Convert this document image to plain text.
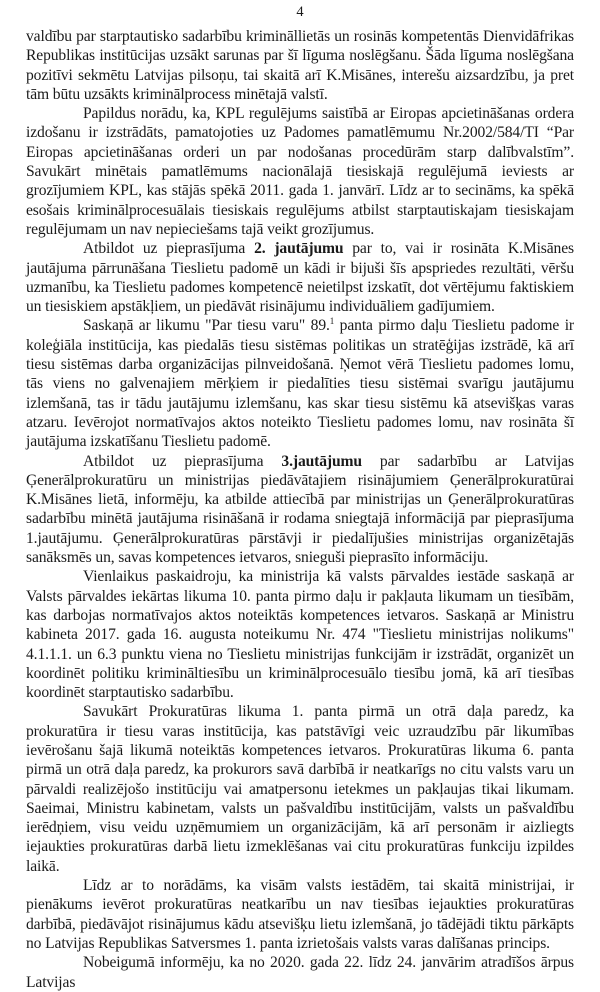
4

valdību par starptautisko sadarbību krimināllietās un rosinās kompetentās Dienvidāfrikas Republikas institūcijas uzsākt sarunas par šī līguma noslēgšanu. Šāda līguma noslēgšana pozitīvi sekmētu Latvijas pilsoņu, tai skaitā arī K.Misānes, interešu aizsardzību, ja pret tām būtu uzsākts kriminālprocess minētajā valstī.

Papildus norādu, ka, KPL regulējums saistībā ar Eiropas apcietināšanas ordera izdošanu ir izstrādāts, pamatojoties uz Padomes pamatlēmumu Nr.2002/584/TI “Par Eiropas apcietināšanas orderi un par nodošanas procedūrām starp dalībvalstīm”. Savukārt minētais pamatlēmums nacionālajā tiesiskajā regulējumā ieviests ar grozījumiem KPL, kas stājās spēkā 2011. gada 1. janvārī. Līdz ar to secināms, ka spēkā esošais kriminālprocesuālais tiesiskais regulējums atbilst starptautiskajam tiesiskajam regulējumam un nav nepieciešams tajā veikt grozījumus.

Atbildot uz pieprasījuma 2. jautājumu par to, vai ir rosināta K.Misānes jautājuma pārrunāšana Tieslietu padomē un kādi ir bijuši šīs apspriedes rezultāti, vēršu uzmanību, ka Tieslietu padomes kompetencē neietilpst izskatīt, dot vērtējumu faktiskiem un tiesiskiem apstākļiem, un piedāvāt risinājumu individuāliem gadījumiem.

Saskaņā ar likumu "Par tiesu varu" 89.$^1$ panta pirmo daļu Tieslietu padome ir koleģiāla institūcija, kas piedalās tiesu sistēmas politikas un stratēģijas izstrādē, kā arī tiesu sistēmas darba organizācijas pilnveidošanā. Ņemot vērā Tieslietu padomes lomu, tās viens no galvenajiem mērķiem ir piedalīties tiesu sistēmai svarīgu jautājumu izlemšanā, tas ir tādu jautājumu izlemšanu, kas skar tiesu sistēmu kā atsevišķas varas atzaru. Ievērojot normatīvajos aktos noteikto Tieslietu padomes lomu, nav rosināta šī jautājuma izskatīšanu Tieslietu padomē.

Atbildot uz pieprasījuma 3.jautājumu par sadarbību ar Latvijas Ģenerālprokuratūru un ministrijas piedāvātajiem risinājumiem Ģenerālprokuratūrai K.Misānes lietā, informēju, ka atbilde attiecībā par ministrijas un Ģenerālprokuratūras sadarbību minētā jautājuma risināšanā ir rodama sniegtajā informācijā par pieprasījuma 1.jautājumu. Ģenerālprokuratūras pārstāvji ir piedalījušies ministrijas organizētajās sanāksmēs un, savas kompetences ietvaros, snieguši pieprasīto informāciju.

Vienlaikus paskaidroju, ka ministrija kā valsts pārvaldes iestāde saskaņā ar Valsts pārvaldes iekārtas likuma 10. panta pirmo daļu ir pakļauta likumam un tiesībām, kas darbojas normatīvajos aktos noteiktās kompetences ietvaros. Saskaņā ar Ministru kabineta 2017. gada 16. augusta noteikumu Nr. 474 "Tieslietu ministrijas nolikums" 4.1.1.1. un 6.3 punktu viena no Tieslietu ministrijas funkcijām ir izstrādāt, organizēt un koordinēt politiku krimināltiesību un kriminālprocesuālo tiesību jomā, kā arī tiesības koordinēt starptautisko sadarbību.

Savukārt Prokuratūras likuma 1. panta pirmā un otrā daļa paredz, ka prokuratūra ir tiesu varas institūcija, kas patstāvīgi veic uzraudzību pār likumības ievērošanu šajā likumā noteiktās kompetences ietvaros. Prokuratūras likuma 6. panta pirmā un otrā daļa paredz, ka prokurors savā darbībā ir neatkarīgs no citu valsts varu un pārvaldi realizējošo institūciju vai amatpersonu ietekmes un pakļaujas tikai likumam. Saeimai, Ministru kabinetam, valsts un pašvaldību institūcijām, valsts un pašvaldību ierēdņiem, visu veidu uzņēmumiem un organizācijām, kā arī personām ir aizliegts iejaukties prokuratūras darbā lietu izmeklēšanas vai citu prokuratūras funkciju izpildes laikā.

Līdz ar to norādāms, ka visām valsts iestādēm, tai skaitā ministrijai, ir pienākums ievērot prokuratūras neatkarību un nav tiesības iejaukties prokuratūras darbībā, piedāvājot risinājumus kādu atsevišķu lietu izlemšanā, jo tādējādi tiktu pārkāpts no Latvijas Republikas Satversmes 1. panta izrietošais valsts varas dalīšanas princips.

Nobeigumā informēju, ka no 2020. gada 22. līdz 24. janvārim atradīšos ārpus Latvijas
